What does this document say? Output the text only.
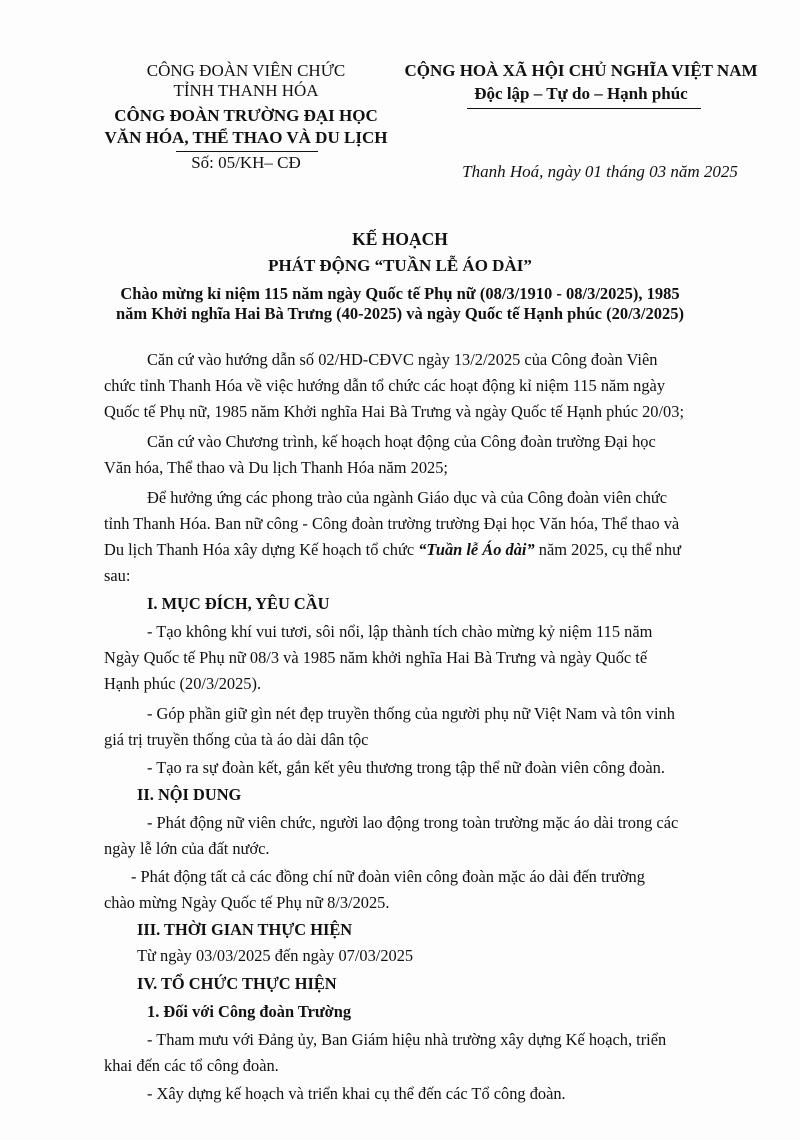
CÔNG ĐOÀN VIÊN CHỨC
TỈNH THANH HÓA
CÔNG ĐOÀN TRƯỜNG ĐẠI HỌC
VĂN HÓA, THỂ THAO VÀ DU LỊCH
Số: 05/KH– CĐ
CỘNG HOÀ XÃ HỘI CHỦ NGHĨA VIỆT NAM
Độc lập – Tự do – Hạnh phúc
Thanh Hoá, ngày 01 tháng 03 năm 2025
KẾ HOẠCH
PHÁT ĐỘNG “TUẦN LỄ ÁO DÀI”
Chào mừng kỉ niệm 115 năm ngày Quốc tế Phụ nữ (08/3/1910 - 08/3/2025), 1985
năm Khởi nghĩa Hai Bà Trưng (40-2025) và ngày Quốc tế Hạnh phúc (20/3/2025)
Căn cứ vào hướng dẫn số 02/HD-CĐVC ngày 13/2/2025 của Công đoàn Viên
chức tỉnh Thanh Hóa về việc hướng dẫn tổ chức các hoạt động kỉ niệm 115 năm ngày
Quốc tế Phụ nữ, 1985 năm Khởi nghĩa Hai Bà Trưng và ngày Quốc tế Hạnh phúc 20/03;
Căn cứ vào Chương trình, kế hoạch hoạt động của Công đoàn trường Đại học
Văn hóa, Thể thao và Du lịch Thanh Hóa năm 2025;
Để hưởng ứng các phong trào của ngành Giáo dục và của Công đoàn viên chức
tỉnh Thanh Hóa. Ban nữ công - Công đoàn trường trường Đại học Văn hóa, Thể thao và
Du lịch Thanh Hóa xây dựng Kế hoạch tổ chức “Tuần lễ Áo dài” năm 2025, cụ thể như
sau:
I. MỤC ĐÍCH, YÊU CẦU
- Tạo không khí vui tươi, sôi nổi, lập thành tích chào mừng kỷ niệm 115 năm
Ngày Quốc tế Phụ nữ 08/3 và 1985 năm khởi nghĩa Hai Bà Trưng và ngày Quốc tế
Hạnh phúc (20/3/2025).
- Góp phần giữ gìn nét đẹp truyền thống của người phụ nữ Việt Nam và tôn vinh
giá trị truyền thống của tà áo dài dân tộc
- Tạo ra sự đoàn kết, gắn kết yêu thương trong tập thể nữ đoàn viên công đoàn.
II. NỘI DUNG
- Phát động nữ viên chức, người lao động trong toàn trường mặc áo dài trong các
ngày lễ lớn của đất nước.
- Phát động tất cả các đồng chí nữ đoàn viên công đoàn mặc áo dài đến trường
chào mừng Ngày Quốc tế Phụ nữ 8/3/2025.
III. THỜI GIAN THỰC HIỆN
Từ ngày 03/03/2025 đến ngày 07/03/2025
IV. TỔ CHỨC THỰC HIỆN
1. Đối với Công đoàn Trường
- Tham mưu với Đảng ủy, Ban Giám hiệu nhà trường xây dựng Kế hoạch, triển
khai đến các tổ công đoàn.
- Xây dựng kế hoạch và triển khai cụ thể đến các Tổ công đoàn.
